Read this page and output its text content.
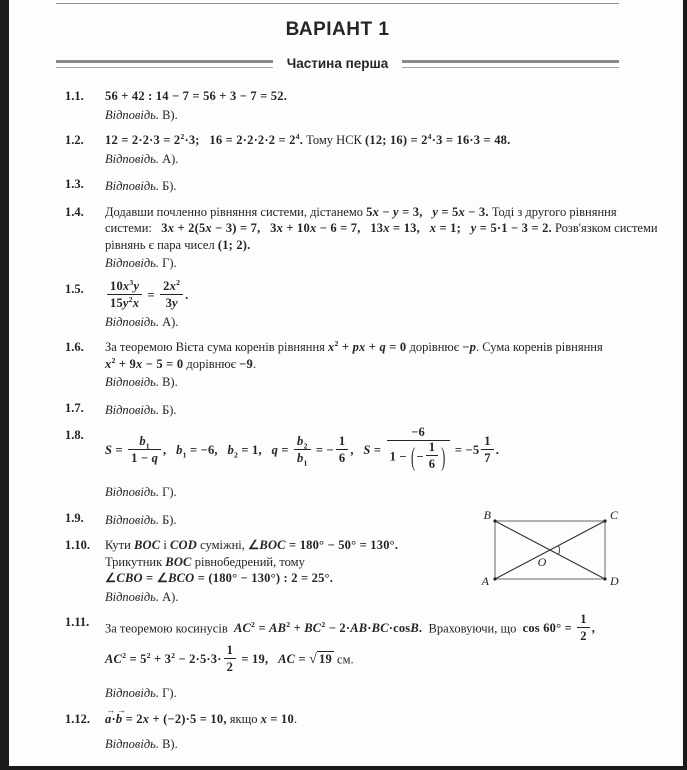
ВАРІАНТ 1
Частина перша
1.1.	56 + 42 : 14 − 7 = 56 + 3 − 7 = 52.
Відповідь. В).
1.2.	$12 = 2\cdot 2\cdot 3 = 2^2\cdot 3$;  $16 = 2\cdot 2\cdot 2\cdot 2 = 2^4$. Тому НСК (12; $16) = 2^4\cdot 3 = 16\cdot 3 = 48$.
Відповідь. А).
1.3.	Відповідь. Б).
1.4.	Додавши почленно рівняння системи, дістанемо 5x − y = 3,  y = 5x − 3. Тоді з другого рівняння
системи:  3x + 2(5x − 3) = 7,  3x + 10x − 6 = 7,  13x = 13,  x = 1;  y = 5·1 − 3 = 2. Розв'язком системи
рівнянь є пара чисел (1; 2).
Відповідь. Г).
1.5.	$\frac{10x^3y}{15y^2x} = \frac{2x^2}{3y}$ .
Відповідь. А).
1.6.	За теоремою Вієта сума коренів рівняння $x^2$ + px + q = 0 дорівнює −p. Сума коренів рівняння
$x^2 + 9x - 5 = 0$ дорівнює −9.
Відповідь. В).
1.7.	Відповідь. Б).
1.8.
$S = \frac{b_1}{1 - q}$ ,  $b_1 = -6$,  $b_2 = 1$,  $q = \frac{b_2}{b_1}$ = − $\frac{1}{6}$ ,  $S = \frac{-6}{1 - (- \frac{1}{6} )} = -5 \frac{1}{7}$ .
Відповідь. Г).
1.9.	Відповідь. Б).
1.10.	Кути BOC і COD суміжні, ∠BOC = 180° − 50° = 130°.
Трикутник BOC рівнобедрений, тому
∠CBO = ∠BCO = (180° − 130°) : 2 = 25°.
Відповідь. А).
1.11.	За теоремою косинусів $AC^2 = AB^2 + BC^2 - 2\cdot AB\cdot BC\cdot\cos B$. Враховуючи, що $\cos 60^\circ = \frac{1}{2}$ ,
$AC^2 = 5^2 + 3^2 - 2\cdot 5\cdot 3\cdot \frac{1}{2} = 19$,  AC = √ 19 см.
Відповідь. Г).
1.12.
→
a·
→
b = 2x + (−2)·5 = 10, якщо x = 10.
Відповідь. В).
B	C
A	D
O
